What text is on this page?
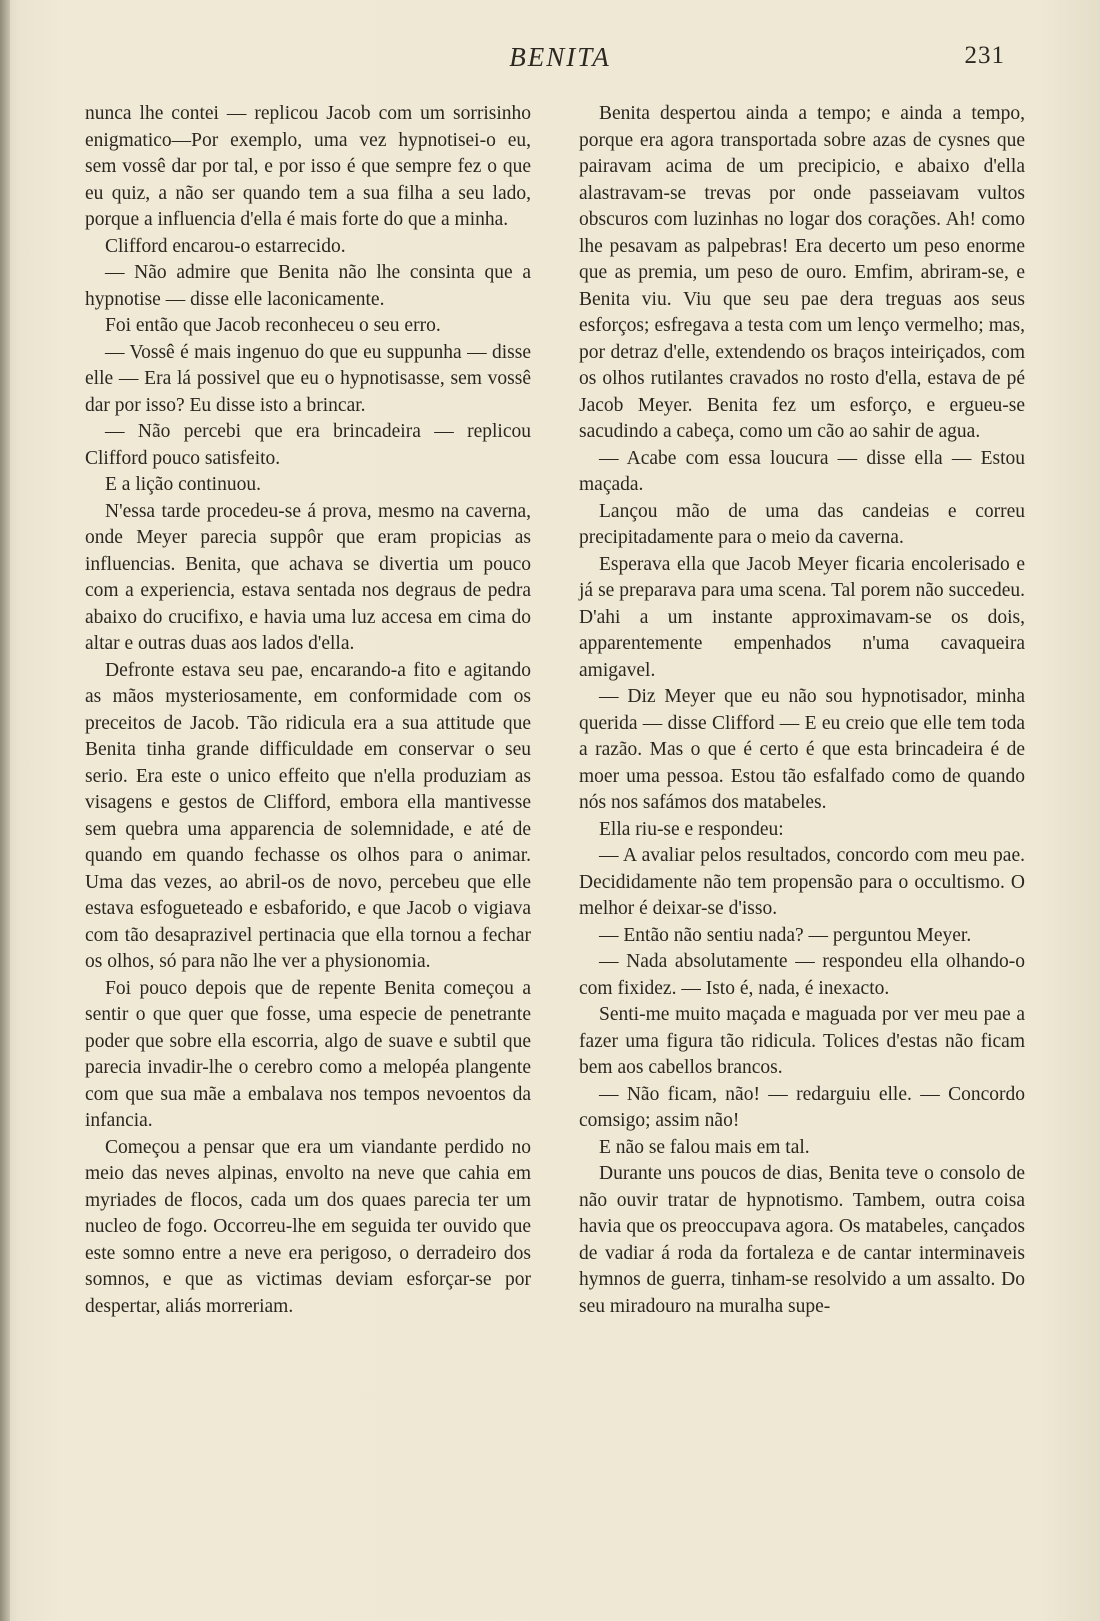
BENITA	231

nunca lhe contei — replicou Jacob com um sorrisinho enigmatico—Por exemplo, uma vez hypnotisei-o eu, sem vossê dar por tal, e por isso é que sempre fez o que eu quiz, a não ser quando tem a sua filha a seu lado, porque a influencia d'ella é mais forte do que a minha.

Clifford encarou-o estarrecido.

— Não admire que Benita não lhe consinta que a hypnotise — disse elle laconicamente.

Foi então que Jacob reconheceu o seu erro.

— Vossê é mais ingenuo do que eu suppunha — disse elle — Era lá possivel que eu o hypnotisasse, sem vossê dar por isso? Eu disse isto a brincar.

— Não percebi que era brincadeira — replicou Clifford pouco satisfeito.

E a lição continuou.

N'essa tarde procedeu-se á prova, mesmo na caverna, onde Meyer parecia suppôr que eram propicias as influencias. Benita, que achava se divertia um pouco com a experiencia, estava sentada nos degraus de pedra abaixo do crucifixo, e havia uma luz accesa em cima do altar e outras duas aos lados d'ella.

Defronte estava seu pae, encarando-a fito e agitando as mãos mysteriosamente, em conformidade com os preceitos de Jacob. Tão ridicula era a sua attitude que Benita tinha grande difficuldade em conservar o seu serio. Era este o unico effeito que n'ella produziam as visagens e gestos de Clifford, embora ella mantivesse sem quebra uma apparencia de solemnidade, e até de quando em quando fechasse os olhos para o animar. Uma das vezes, ao abril-os de novo, percebeu que elle estava esfogueteado e esbaforido, e que Jacob o vigiava com tão desaprazivel pertinacia que ella tornou a fechar os olhos, só para não lhe ver a physionomia.

Foi pouco depois que de repente Benita começou a sentir o que quer que fosse, uma especie de penetrante poder que sobre ella escorria, algo de suave e subtil que parecia invadir-lhe o cerebro como a melopéa plangente com que sua mãe a embalava nos tempos nevoentos da infancia.

Começou a pensar que era um viandante perdido no meio das neves alpinas, envolto na neve que cahia em myriades de flocos, cada um dos quaes parecia ter um nucleo de fogo. Occorreu-lhe em seguida ter ouvido que este somno entre a neve era perigoso, o derradeiro dos somnos, e que as victimas deviam esforçar-se por despertar, aliás morreriam.

Benita despertou ainda a tempo; e ainda a tempo, porque era agora transportada sobre azas de cysnes que pairavam acima de um precipicio, e abaixo d'ella alastravam-se trevas por onde passeiavam vultos obscuros com luzinhas no logar dos corações. Ah! como lhe pesavam as palpebras! Era decerto um peso enorme que as premia, um peso de ouro. Emfim, abriram-se, e Benita viu. Viu que seu pae dera treguas aos seus esforços; esfregava a testa com um lenço vermelho; mas, por detraz d'elle, extendendo os braços inteiriçados, com os olhos rutilantes cravados no rosto d'ella, estava de pé Jacob Meyer. Benita fez um esforço, e ergueu-se sacudindo a cabeça, como um cão ao sahir de agua.

— Acabe com essa loucura — disse ella — Estou maçada.

Lançou mão de uma das candeias e correu precipitadamente para o meio da caverna.

Esperava ella que Jacob Meyer ficaria encolerisado e já se preparava para uma scena. Tal porem não succedeu. D'ahi a um instante approximavam-se os dois, apparentemente empenhados n'uma cavaqueira amigavel.

— Diz Meyer que eu não sou hypnotisador, minha querida — disse Clifford — E eu creio que elle tem toda a razão. Mas o que é certo é que esta brincadeira é de moer uma pessoa. Estou tão esfalfado como de quando nós nos safámos dos matabeles.

Ella riu-se e respondeu:

— A avaliar pelos resultados, concordo com meu pae. Decididamente não tem propensão para o occultismo. O melhor é deixar-se d'isso.

— Então não sentiu nada? — perguntou Meyer.

— Nada absolutamente — respondeu ella olhando-o com fixidez. — Isto é, nada, é inexacto.

Senti-me muito maçada e maguada por ver meu pae a fazer uma figura tão ridicula. Tolices d'estas não ficam bem aos cabellos brancos.

— Não ficam, não! — redarguiu elle. — Concordo comsigo; assim não!

E não se falou mais em tal.

Durante uns poucos de dias, Benita teve o consolo de não ouvir tratar de hypnotismo. Tambem, outra coisa havia que os preoccupava agora. Os matabeles, cançados de vadiar á roda da fortaleza e de cantar interminaveis hymnos de guerra, tinham-se resolvido a um assalto. Do seu miradouro na muralha supe-
